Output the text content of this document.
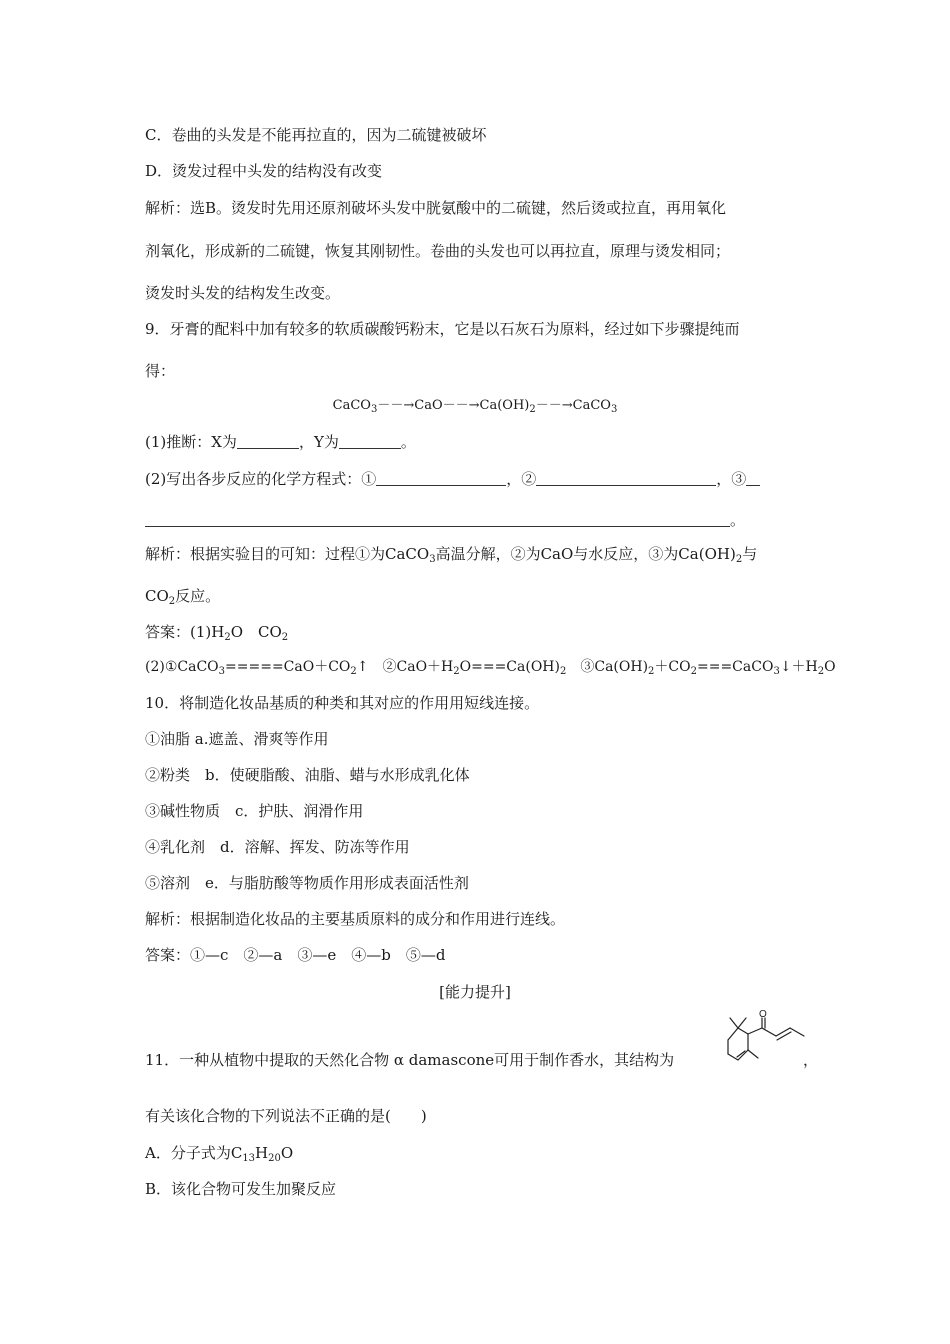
C．卷曲的头发是不能再拉直的，因为二硫键被破坏
D．烫发过程中头发的结构没有改变
解析：选B。烫发时先用还原剂破坏头发中胱氨酸中的二硫键，然后烫或拉直，再用氧化
剂氧化，形成新的二硫键，恢复其刚韧性。卷曲的头发也可以再拉直，原理与烫发相同；
烫发时头发的结构发生改变。
9．牙膏的配料中加有较多的软质碳酸钙粉末，它是以石灰石为原料，经过如下步骤提纯而
得：
$CaCO_3--\to CaO--\to Ca(OH)_2--\to CaCO_3$
(1)推断：X为	，Y为	。
(2)写出各步反应的化学方程式：①	，②	，③
。
解析：根据实验目的可知：过程①为CaCO$_3$高温分解，②为CaO与水反应，③为$Ca(OH)_2$与
$CO_2$反应。
答案：$(1)H_2O$　$CO_2$
$(2)①CaCO_3=====CaO+CO_2↑$　$②CaO+H_2O===Ca(OH)_2$　$③Ca(OH)_2+CO_2===CaCO_3↓+H_2O$
10．将制造化妆品基质的种类和其对应的作用用短线连接。
①油脂 a.遮盖、滑爽等作用
②粉类　b．使硬脂酸、油脂、蜡与水形成乳化体
③碱性物质　c．护肤、润滑作用
④乳化剂　d．溶解、挥发、防冻等作用
⑤溶剂　e．与脂肪酸等物质作用形成表面活性剂
解析：根据制造化妆品的主要基质原料的成分和作用进行连线。
答案：①—c　②—a　③—e　④—b　⑤—d
[能力提升]
11．一种从植物中提取的天然化合物 α damascone可用于制作香水，其结构为	，
O
有关该化合物的下列说法不正确的是(　　)
A．分子式为$C_{13}H_{20}O$
B．该化合物可发生加聚反应
